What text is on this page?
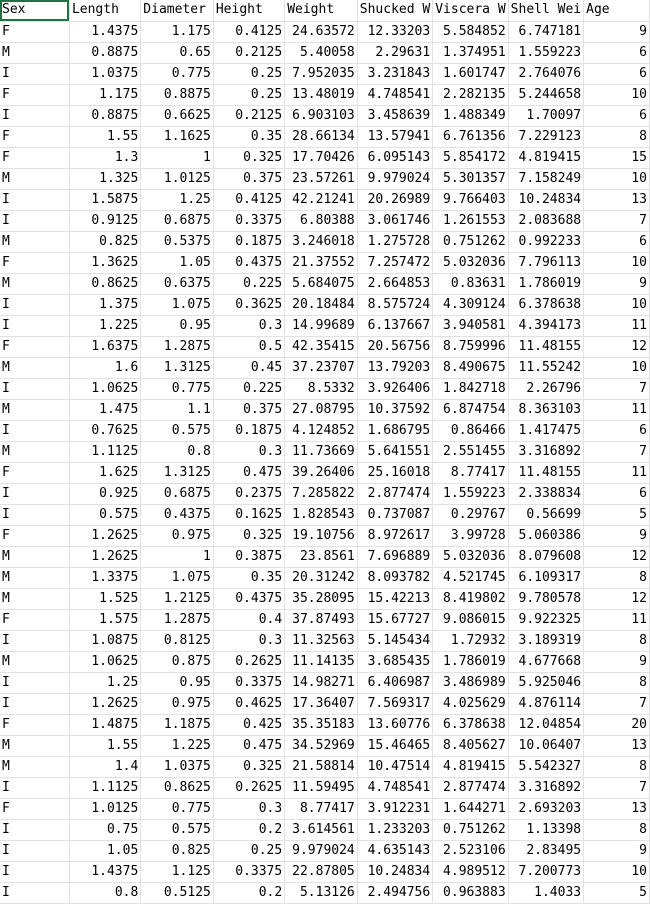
Sex	Length	Diameter	Height	Weight	Shucked W	Viscera W	Shell Wei	Age
F	1.4375	1.175	0.4125	24.63572	12.33203	5.584852	6.747181	9
M	0.8875	0.65	0.2125	5.40058	2.29631	1.374951	1.559223	6
I	1.0375	0.775	0.25	7.952035	3.231843	1.601747	2.764076	6
F	1.175	0.8875	0.25	13.48019	4.748541	2.282135	5.244658	10
I	0.8875	0.6625	0.2125	6.903103	3.458639	1.488349	1.70097	6
F	1.55	1.1625	0.35	28.66134	13.57941	6.761356	7.229123	8
F	1.3	1	0.325	17.70426	6.095143	5.854172	4.819415	15
M	1.325	1.0125	0.375	23.57261	9.979024	5.301357	7.158249	10
I	1.5875	1.25	0.4125	42.21241	20.26989	9.766403	10.24834	13
I	0.9125	0.6875	0.3375	6.80388	3.061746	1.261553	2.083688	7
M	0.825	0.5375	0.1875	3.246018	1.275728	0.751262	0.992233	6
F	1.3625	1.05	0.4375	21.37552	7.257472	5.032036	7.796113	10
M	0.8625	0.6375	0.225	5.684075	2.664853	0.83631	1.786019	9
I	1.375	1.075	0.3625	20.18484	8.575724	4.309124	6.378638	10
I	1.225	0.95	0.3	14.99689	6.137667	3.940581	4.394173	11
F	1.6375	1.2875	0.5	42.35415	20.56756	8.759996	11.48155	12
M	1.6	1.3125	0.45	37.23707	13.79203	8.490675	11.55242	10
I	1.0625	0.775	0.225	8.5332	3.926406	1.842718	2.26796	7
M	1.475	1.1	0.375	27.08795	10.37592	6.874754	8.363103	11
I	0.7625	0.575	0.1875	4.124852	1.686795	0.86466	1.417475	6
M	1.1125	0.8	0.3	11.73669	5.641551	2.551455	3.316892	7
F	1.625	1.3125	0.475	39.26406	25.16018	8.77417	11.48155	11
I	0.925	0.6875	0.2375	7.285822	2.877474	1.559223	2.338834	6
I	0.575	0.4375	0.1625	1.828543	0.737087	0.29767	0.56699	5
F	1.2625	0.975	0.325	19.10756	8.972617	3.99728	5.060386	9
M	1.2625	1	0.3875	23.8561	7.696889	5.032036	8.079608	12
M	1.3375	1.075	0.35	20.31242	8.093782	4.521745	6.109317	8
M	1.525	1.2125	0.4375	35.28095	15.42213	8.419802	9.780578	12
F	1.575	1.2875	0.4	37.87493	15.67727	9.086015	9.922325	11
I	1.0875	0.8125	0.3	11.32563	5.145434	1.72932	3.189319	8
M	1.0625	0.875	0.2625	11.14135	3.685435	1.786019	4.677668	9
I	1.25	0.95	0.3375	14.98271	6.406987	3.486989	5.925046	8
I	1.2625	0.975	0.4625	17.36407	7.569317	4.025629	4.876114	7
F	1.4875	1.1875	0.425	35.35183	13.60776	6.378638	12.04854	20
M	1.55	1.225	0.475	34.52969	15.46465	8.405627	10.06407	13
M	1.4	1.0375	0.325	21.58814	10.47514	4.819415	5.542327	8
I	1.1125	0.8625	0.2625	11.59495	4.748541	2.877474	3.316892	7
F	1.0125	0.775	0.3	8.77417	3.912231	1.644271	2.693203	13
I	0.75	0.575	0.2	3.614561	1.233203	0.751262	1.13398	8
I	1.05	0.825	0.25	9.979024	4.635143	2.523106	2.83495	9
I	1.4375	1.125	0.3375	22.87805	10.24834	4.989512	7.200773	10
I	0.8	0.5125	0.2	5.13126	2.494756	0.963883	1.4033	5
